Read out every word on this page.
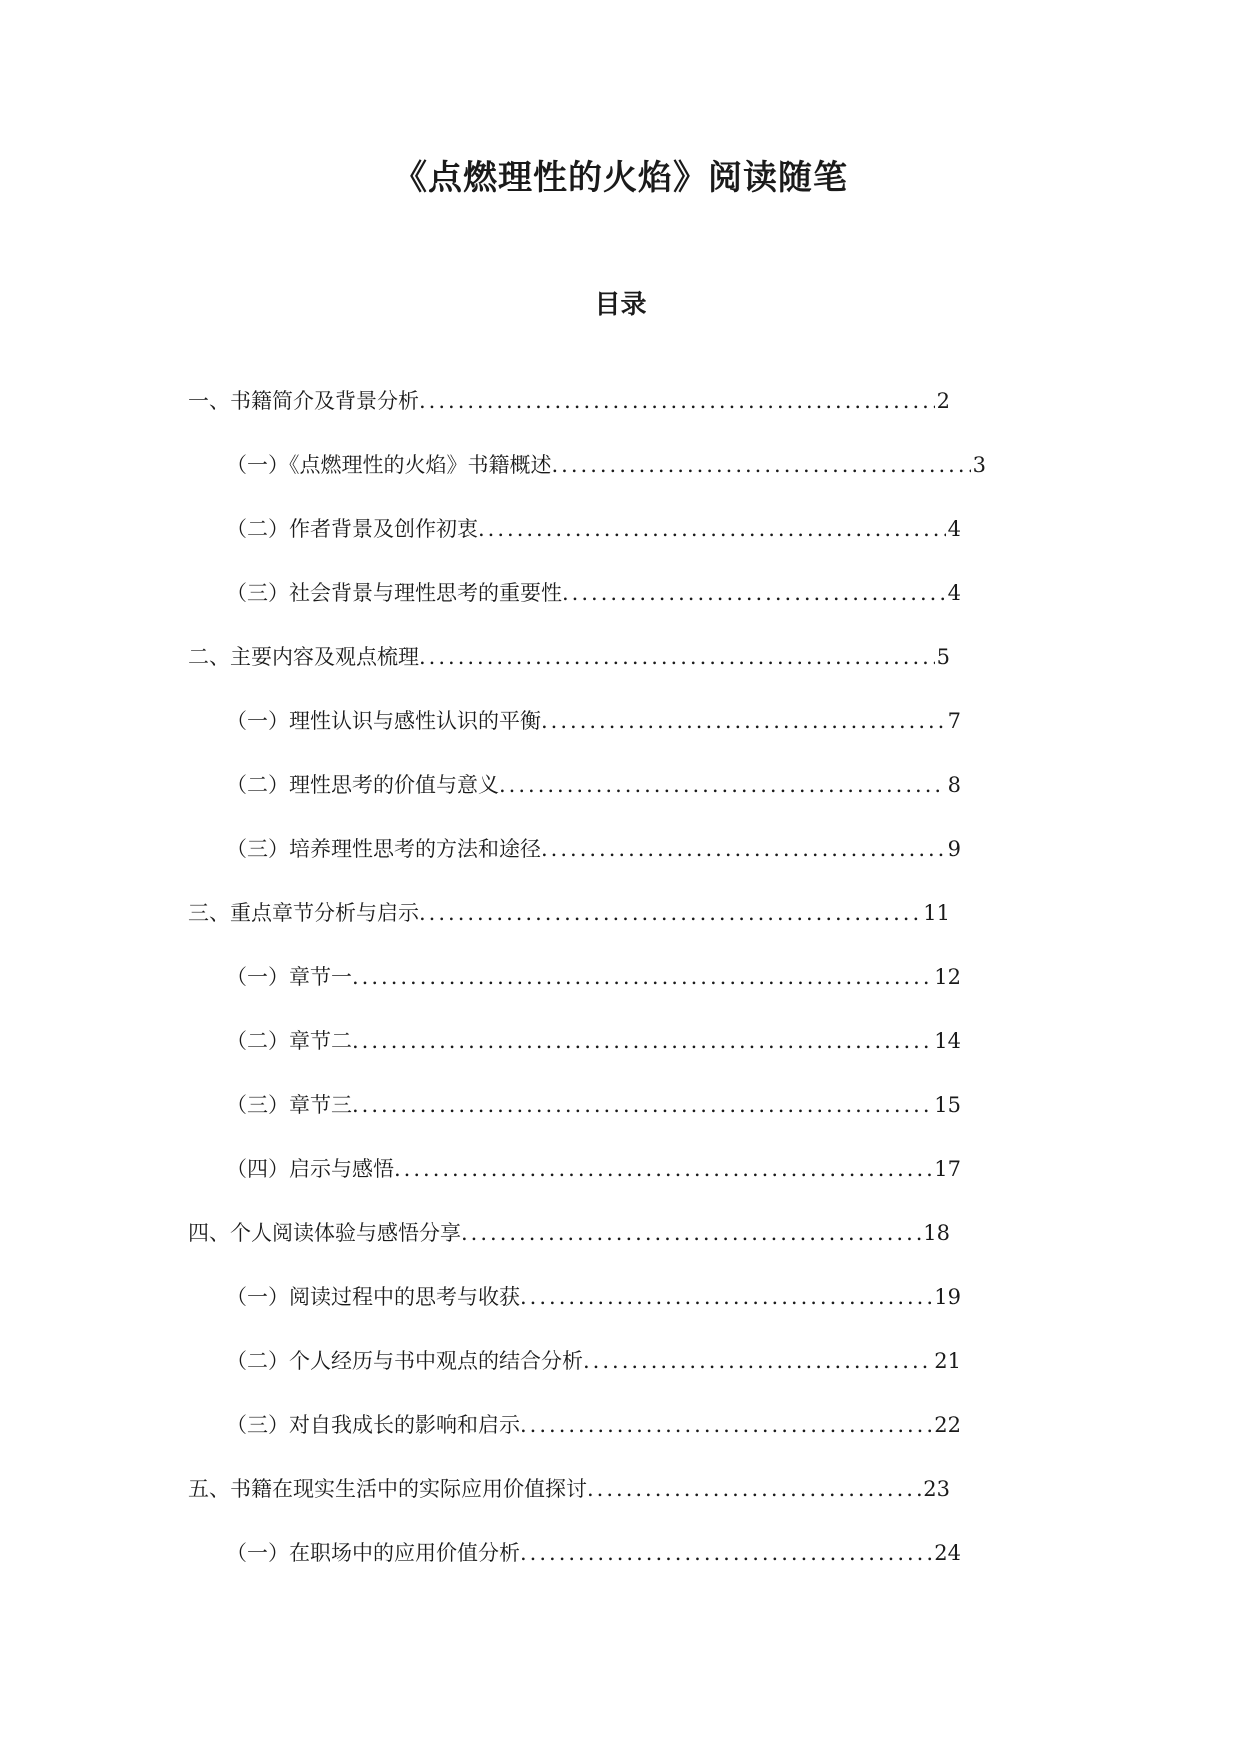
《点燃理性的火焰》阅读随笔
目录
一、书籍简介及背景分析 .....	2
（一）《点燃理性的火焰》书籍概述 .....	3
（二）作者背景及创作初衷 .....	4
（三）社会背景与理性思考的重要性 .....	4
二、主要内容及观点梳理 .....	5
（一）理性认识与感性认识的平衡 .....	7
（二）理性思考的价值与意义 .....	8
（三）培养理性思考的方法和途径 .....	9
三、重点章节分析与启示 .....	11
（一）章节一 .....	12
（二）章节二 .....	14
（三）章节三 .....	15
（四）启示与感悟 .....	17
四、个人阅读体验与感悟分享 .....	18
（一）阅读过程中的思考与收获 .....	19
（二）个人经历与书中观点的结合分析 .....	21
（三）对自我成长的影响和启示 .....	22
五、书籍在现实生活中的实际应用价值探讨 .....	23
（一）在职场中的应用价值分析 .....	24
